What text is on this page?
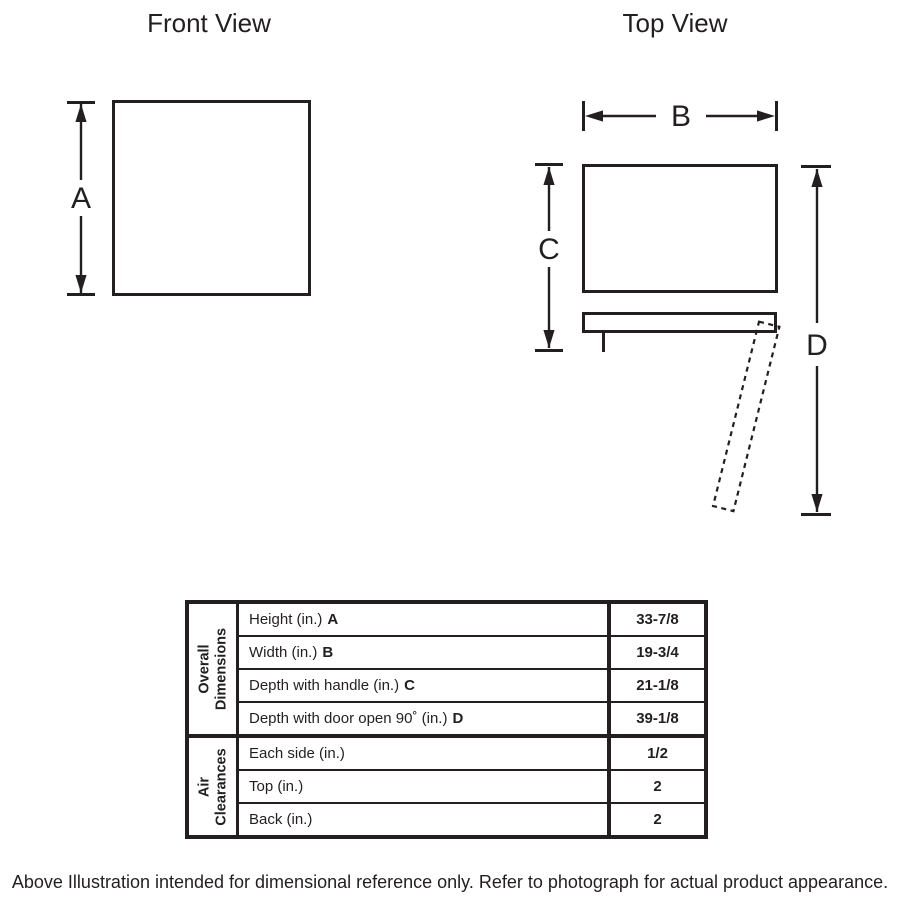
Front View	Top View
A
B
C
D
Overall Dimensions
Height (in.) A	33-7/8
Width (in.) B	19-3/4
Depth with handle (in.) C	21-1/8
Depth with door open 90˚ (in.) D	39-1/8
Air Clearances Each side (in.)	1/2
Top (in.)	2
Back (in.)	2
Above Illustration intended for dimensional reference only. Refer to photograph for actual product appearance.
